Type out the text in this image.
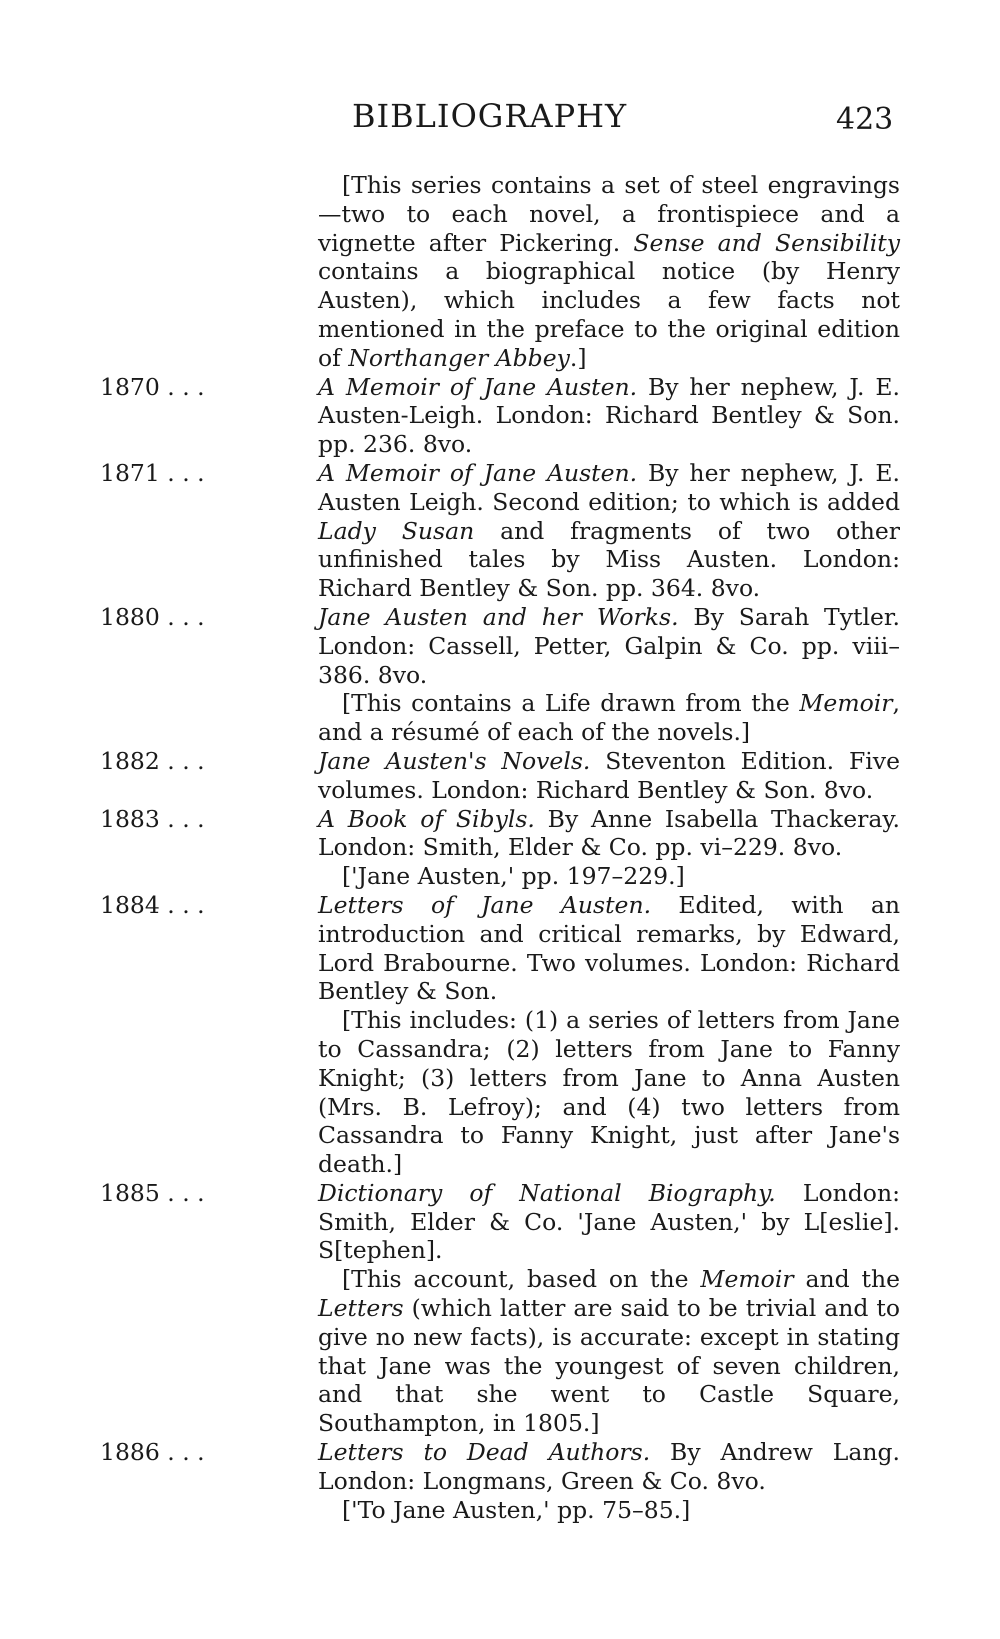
BIBLIOGRAPHY	423

[This series contains a set of steel engravings—two to each novel, a frontispiece and a vignette after Pickering. Sense and Sensibility contains a biographical notice (by Henry Austen), which includes a few facts not mentioned in the preface to the original edition of Northanger Abbey.]

1870 . . .	A Memoir of Jane Austen. By her nephew, J. E. Austen-Leigh. London: Richard Bentley & Son. pp. 236. 8vo.

1871 . . .	A Memoir of Jane Austen. By her nephew, J. E. Austen Leigh. Second edition; to which is added Lady Susan and fragments of two other unfinished tales by Miss Austen. London: Richard Bentley & Son. pp. 364. 8vo.

1880 . . .	Jane Austen and her Works. By Sarah Tytler. London: Cassell, Petter, Galpin & Co. pp. viii–386. 8vo.

[This contains a Life drawn from the Memoir, and a résumé of each of the novels.]

1882 . . .	Jane Austen's Novels. Steventon Edition. Five volumes. London: Richard Bentley & Son. 8vo.

1883 . . .	A Book of Sibyls. By Anne Isabella Thackeray. London: Smith, Elder & Co. pp. vi–229. 8vo.

['Jane Austen,' pp. 197–229.]

1884 . . .	Letters of Jane Austen. Edited, with an introduction and critical remarks, by Edward, Lord Brabourne. Two volumes. London: Richard Bentley & Son.

[This includes: (1) a series of letters from Jane to Cassandra; (2) letters from Jane to Fanny Knight; (3) letters from Jane to Anna Austen (Mrs. B. Lefroy); and (4) two letters from Cassandra to Fanny Knight, just after Jane's death.]

1885 . . .	Dictionary of National Biography. London: Smith, Elder & Co. 'Jane Austen,' by L[eslie]. S[tephen].

[This account, based on the Memoir and the Letters (which latter are said to be trivial and to give no new facts), is accurate: except in stating that Jane was the youngest of seven children, and that she went to Castle Square, Southampton, in 1805.]

1886 . . .	Letters to Dead Authors. By Andrew Lang. London: Longmans, Green & Co. 8vo.

['To Jane Austen,' pp. 75–85.]
